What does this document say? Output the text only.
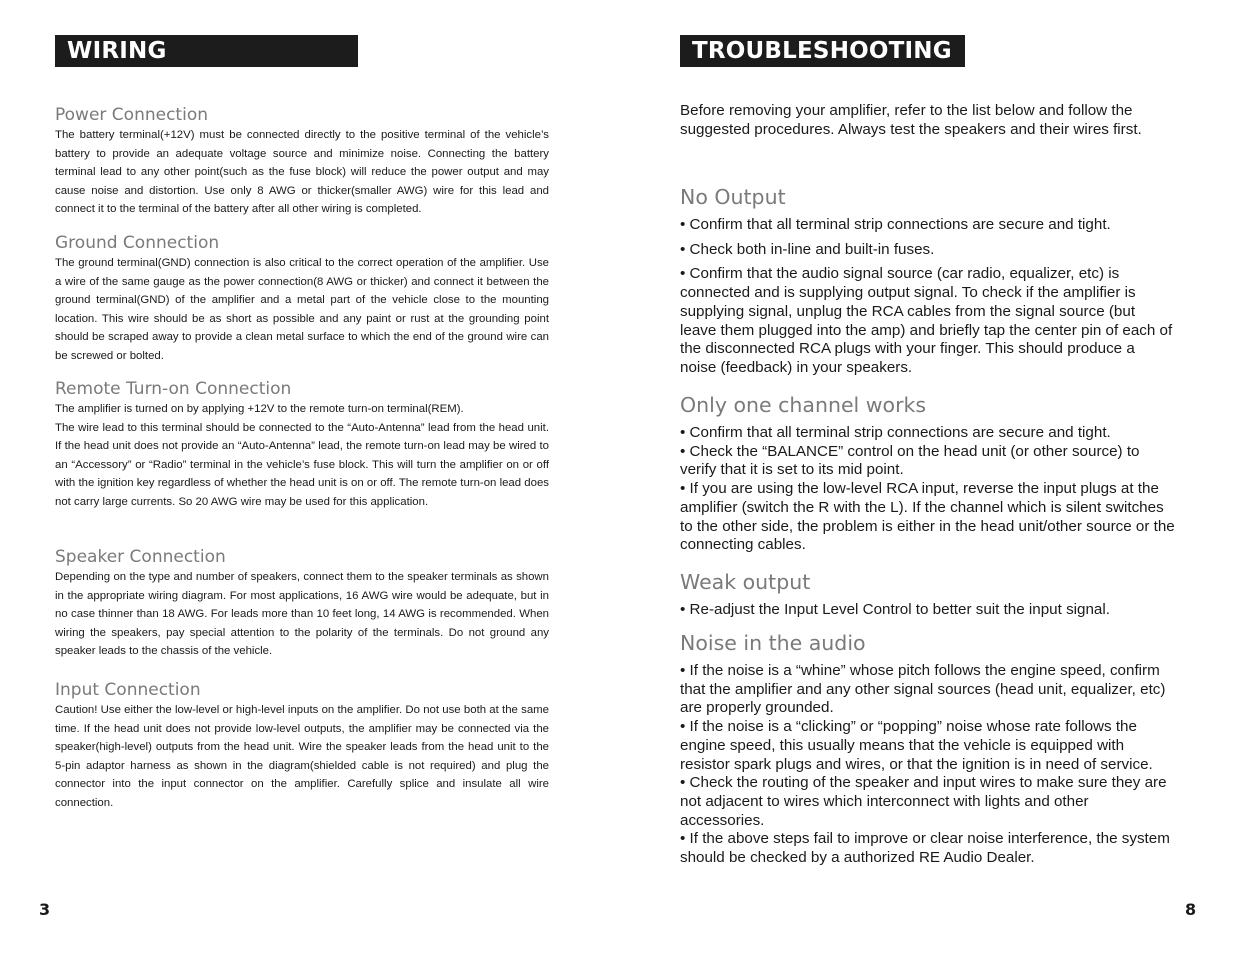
WIRING INSTRUCTIONS
Power Connection

The battery terminal(+12V) must be connected directly to the positive terminal of the vehicle’s battery to provide an adequate voltage source and minimize noise. Connecting the battery terminal lead to any other point(such as the fuse block) will reduce the power output and may cause noise and distortion. Use only 8 AWG or thicker(smaller AWG) wire for this lead and connect it to the terminal of the battery after all other wiring is completed.

Ground Connection

The ground terminal(GND) connection is also critical to the correct operation of the amplifier. Use a wire of the same gauge as the power connection(8 AWG or thicker) and connect it between the ground terminal(GND) of the amplifier and a metal part of the vehicle close to the mounting location. This wire should be as short as possible and any paint or rust at the grounding point should be scraped away to provide a clean metal surface to which the end of the ground wire can be screwed or bolted.

Remote Turn-on Connection

The amplifier is turned on by applying +12V to the remote turn-on terminal(REM).

The wire lead to this terminal should be connected to the “Auto-Antenna” lead from the head unit. If the head unit does not provide an “Auto-Antenna” lead, the remote turn-on lead may be wired to an “Accessory” or “Radio” terminal in the vehicle’s fuse block. This will turn the amplifier on or off with the ignition key regardless of whether the head unit is on or off. The remote turn-on lead does not carry large currents. So 20 AWG wire may be used for this application.

Speaker Connection

Depending on the type and number of speakers, connect them to the speaker terminals as shown in the appropriate wiring diagram. For most applications, 16 AWG wire would be adequate, but in no case thinner than 18 AWG. For leads more than 10 feet long, 14 AWG is recommended. When wiring the speakers, pay special attention to the polarity of the terminals. Do not ground any speaker leads to the chassis of the vehicle.

Input Connection

Caution! Use either the low-level or high-level inputs on the amplifier. Do not use both at the same time. If the head unit does not provide low-level outputs, the amplifier may be connected via the speaker(high-level) outputs from the head unit. Wire the speaker leads from the head unit to the 5-pin adaptor harness as shown in the diagram(shielded cable is not required) and plug the connector into the input connector on the amplifier. Carefully splice and insulate all wire connection.

3
TROUBLESHOOTING

Before removing your amplifier, refer to the list below and follow the suggested procedures. Always test the speakers and their wires first.

No Output

• Confirm that all terminal strip connections are secure and tight.

• Check both in-line and built-in fuses.

• Confirm that the audio signal source (car radio, equalizer, etc) is connected and is supplying output signal. To check if the amplifier is supplying signal, unplug the RCA cables from the signal source (but leave them plugged into the amp) and briefly tap the center pin of each of the disconnected RCA plugs with your finger. This should produce a noise (feedback) in your speakers.

Only one channel works

• Confirm that all terminal strip connections are secure and tight.

• Check the “BALANCE” control on the head unit (or other source) to verify that it is set to its mid point.

• If you are using the low-level RCA input, reverse the input plugs at the amplifier (switch the R with the L). If the channel which is silent switches to the other side, the problem is either in the head unit/other source or the connecting cables.

Weak output

• Re-adjust the Input Level Control to better suit the input signal.

Noise in the audio

• If the noise is a “whine” whose pitch follows the engine speed, confirm that the amplifier and any other signal sources (head unit, equalizer, etc) are properly grounded.

• If the noise is a “clicking” or “popping” noise whose rate follows the engine speed, this usually means that the vehicle is equipped with resistor spark plugs and wires, or that the ignition is in need of service.

• Check the routing of the speaker and input wires to make sure they are not adjacent to wires which interconnect with lights and other accessories.

• If the above steps fail to improve or clear noise interference, the system should be checked by a authorized RE Audio Dealer.

8
